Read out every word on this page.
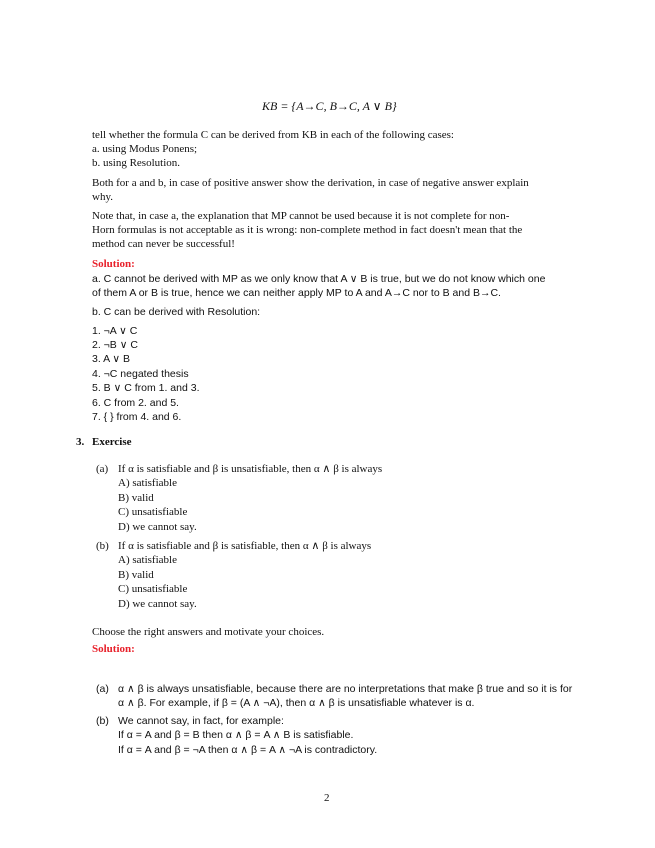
KB = {A→C, B→C, A ∨ B}
tell whether the formula C can be derived from KB in each of the following cases:
a. using Modus Ponens;
b. using Resolution.
Both for a and b, in case of positive answer show the derivation, in case of negative answer explain
why.
Note that, in case a, the explanation that MP cannot be used because it is not complete for non-
Horn formulas is not acceptable as it is wrong: non-complete method in fact doesn't mean that the
method can never be successful!
Solution:
a. C cannot be derived with MP as we only know that A ∨ B is true, but we do not know which one
of them A or B is true, hence we can neither apply MP to A and A→C nor to B and B→C.
b. C can be derived with Resolution:
1. ¬A ∨ C
2. ¬B ∨ C
3. A ∨ B
4. ¬C negated thesis
5. B ∨ C from 1. and 3.
6. C from 2. and 5.
7. { } from 4. and 6.
3. Exercise
(a) If α is satisfiable and β is unsatisfiable, then α ∧ β is always
A) satisfiable
B) valid
C) unsatisfiable
D) we cannot say.
(b) If α is satisfiable and β is satisfiable, then α ∧ β is always
A) satisfiable
B) valid
C) unsatisfiable
D) we cannot say.
Choose the right answers and motivate your choices.
Solution:
(a) α ∧ β is always unsatisfiable, because there are no interpretations that make β true and so it is for
α ∧ β. For example, if β = (A ∧ ¬A), then α ∧ β is unsatisfiable whatever is α.
(b) We cannot say, in fact, for example:
If α = A and β = B then α ∧ β = A ∧ B is satisfiable.
If α = A and β = ¬A then α ∧ β = A ∧ ¬A is contradictory.
2
